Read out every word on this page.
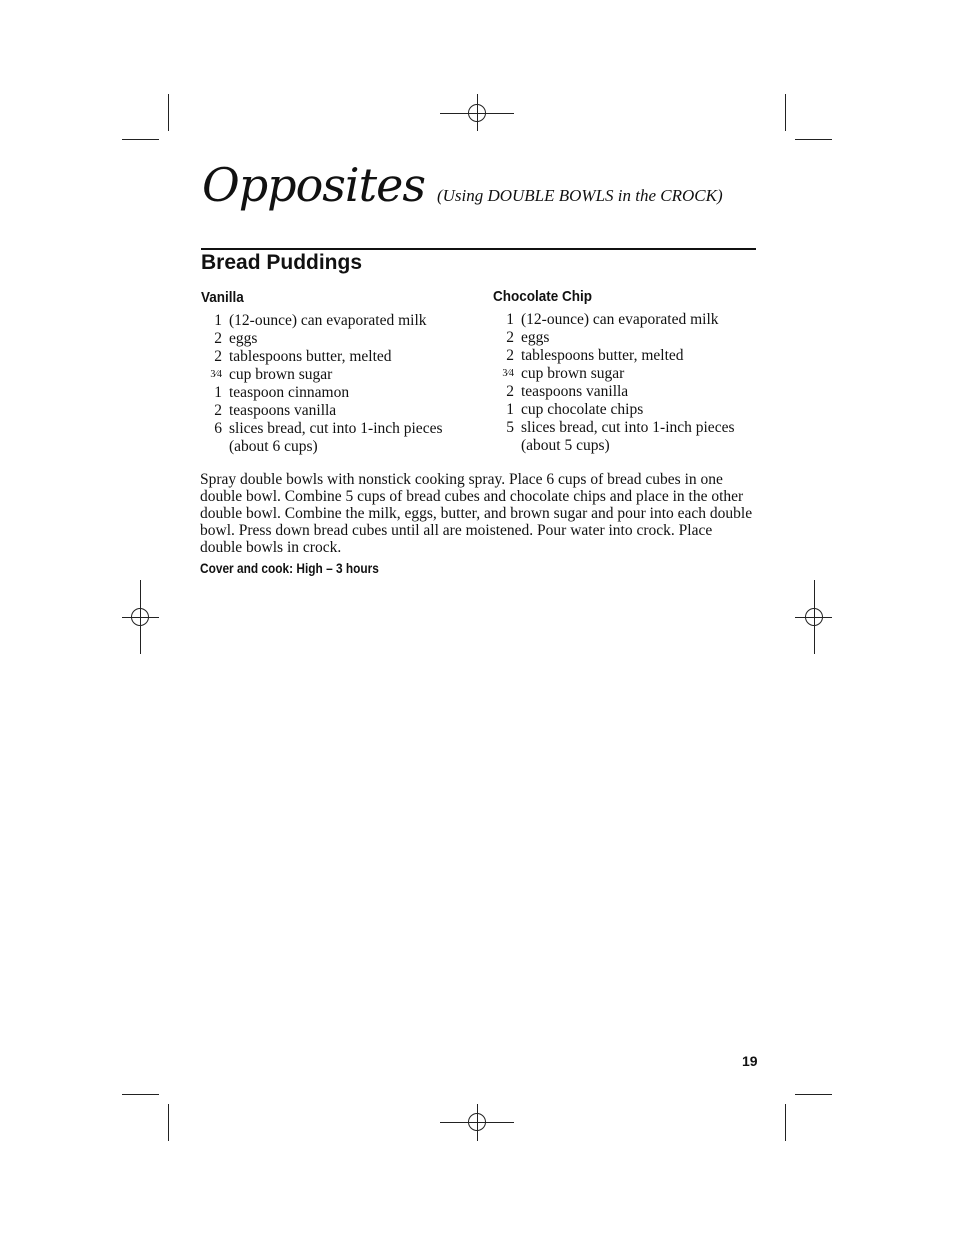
Opposites (Using DOUBLE BOWLS in the CROCK)
Bread Puddings
Vanilla
1 (12-ounce) can evaporated milk
2 eggs
2 tablespoons butter, melted
3⁄4 cup brown sugar
1 teaspoon cinnamon
2 teaspoons vanilla
6 slices bread, cut into 1-inch pieces
(about 6 cups)
Chocolate Chip
1 (12-ounce) can evaporated milk
2 eggs
2 tablespoons butter, melted
3⁄4 cup brown sugar
2 teaspoons vanilla
1 cup chocolate chips
5 slices bread, cut into 1-inch pieces
(about 5 cups)

Spray double bowls with nonstick cooking spray. Place 6 cups of bread cubes in one double bowl. Combine 5 cups of bread cubes and chocolate chips and place in the other double bowl. Combine the milk, eggs, butter, and brown sugar and pour into each double bowl. Press down bread cubes until all are moistened. Pour water into crock. Place double bowls in crock.

Cover and cook: High – 3 hours
19
